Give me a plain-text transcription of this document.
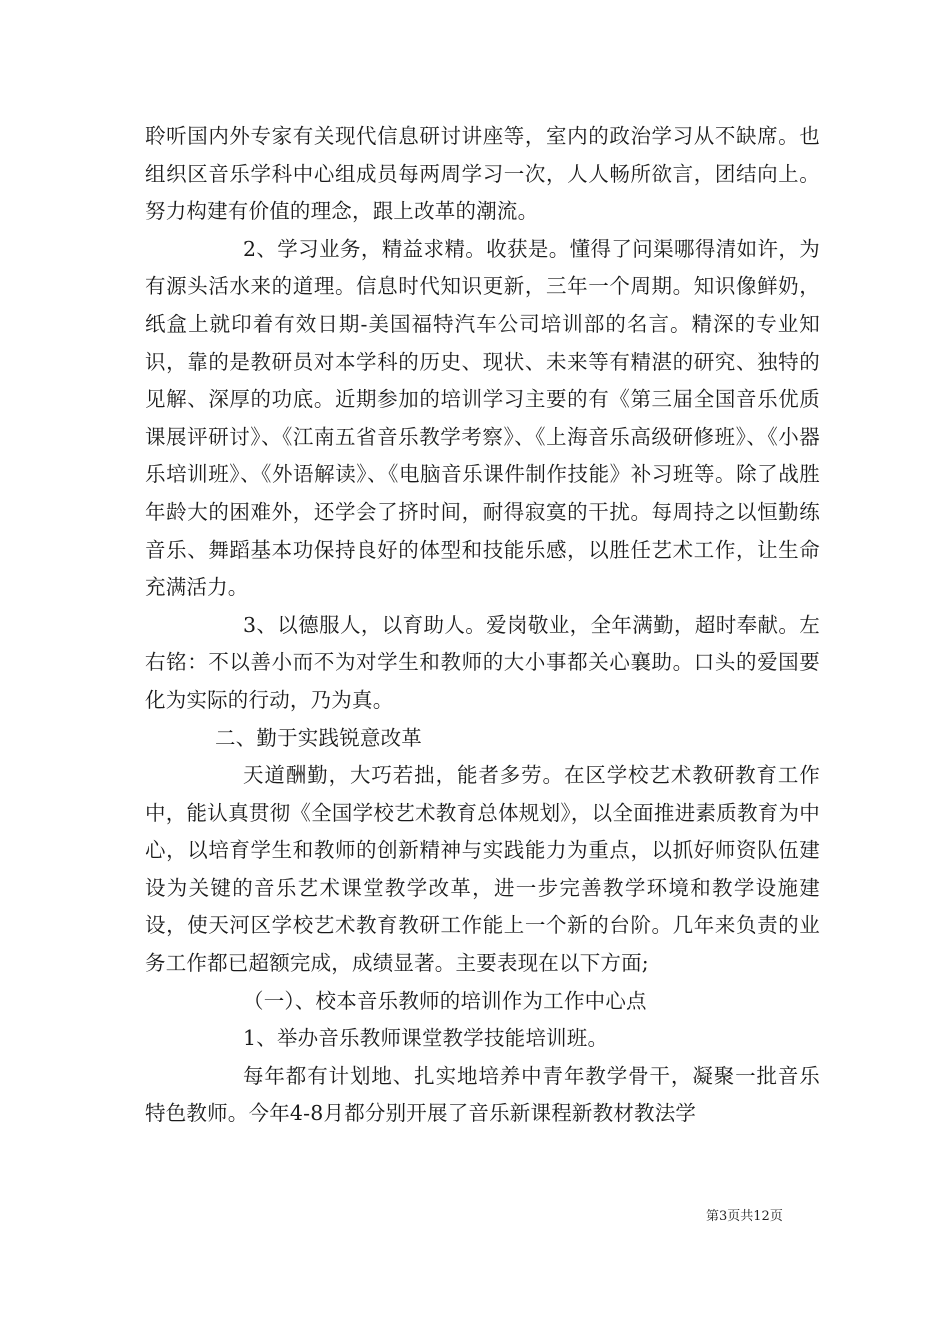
聆听国内外专家有关现代信息研讨讲座等，室内的政治学习从不缺席。也组织区音乐学科中心组成员每两周学习一次，人人畅所欲言，团结向上。努力构建有价值的理念，跟上改革的潮流。

2、学习业务，精益求精。收获是。懂得了问渠哪得清如许，为有源头活水来的道理。信息时代知识更新，三年一个周期。知识像鲜奶，纸盒上就印着有效日期-美国福特汽车公司培训部的名言。精深的专业知识，靠的是教研员对本学科的历史、现状、未来等有精湛的研究、独特的见解、深厚的功底。近期参加的培训学习主要的有《第三届全国音乐优质课展评研讨》、《江南五省音乐教学考察》、《上海音乐高级研修班》、《小器乐培训班》、《外语解读》、《电脑音乐课件制作技能》补习班等。除了战胜年龄大的困难外，还学会了挤时间，耐得寂寞的干扰。每周持之以恒勤练音乐、舞蹈基本功保持良好的体型和技能乐感，以胜任艺术工作，让生命充满活力。

3、以德服人，以育助人。爱岗敬业，全年满勤，超时奉献。左右铭：不以善小而不为对学生和教师的大小事都关心襄助。口头的爱国要化为实际的行动，乃为真。

二、勤于实践锐意改革

天道酬勤，大巧若拙，能者多劳。在区学校艺术教研教育工作中，能认真贯彻《全国学校艺术教育总体规划》，以全面推进素质教育为中心，以培育学生和教师的创新精神与实践能力为重点，以抓好师资队伍建设为关键的音乐艺术课堂教学改革，进一步完善教学环境和教学设施建设，使天河区学校艺术教育教研工作能上一个新的台阶。几年来负责的业务工作都已超额完成，成绩显著。主要表现在以下方面;

（一）、校本音乐教师的培训作为工作中心点

1、举办音乐教师课堂教学技能培训班。

每年都有计划地、扎实地培养中青年教学骨干，凝聚一批音乐特色教师。今年4-8月都分别开展了音乐新课程新教材教法学

第3页共12页
